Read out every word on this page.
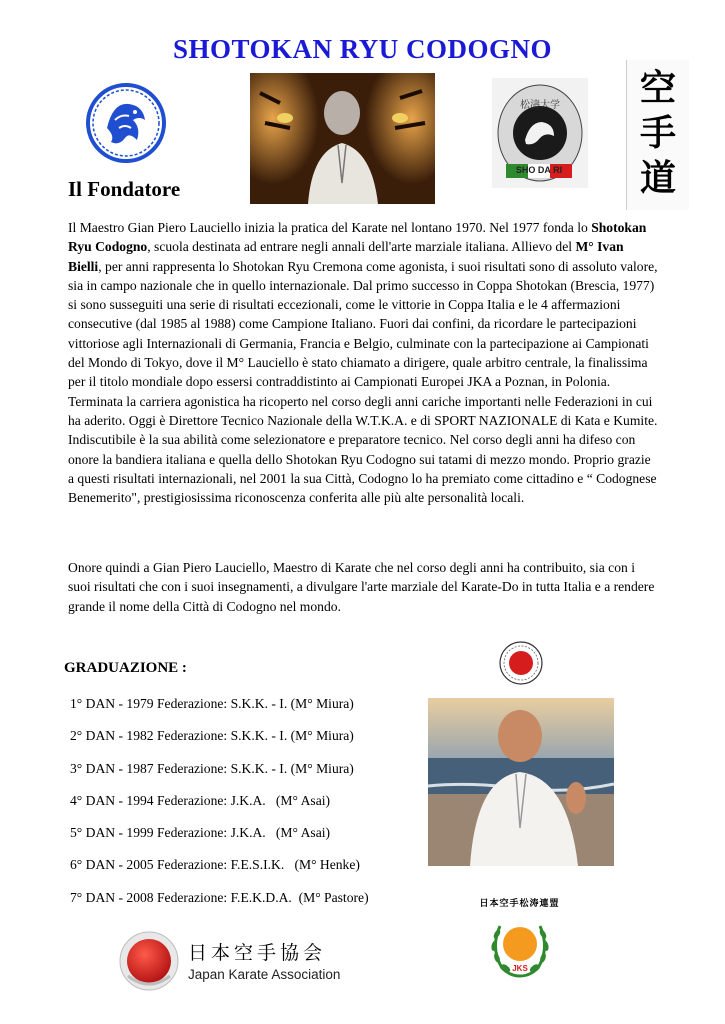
SHOTOKAN RYU CODOGNO
松濤大学
SHO DA RI
空
手
道
Il Fondatore

Il Maestro Gian Piero Lauciello inizia la pratica del Karate nel lontano 1970. Nel 1977 fonda lo Shotokan Ryu Codogno, scuola destinata ad entrare negli annali dell'arte marziale italiana. Allievo del M° Ivan Bielli, per anni rappresenta lo Shotokan Ryu Cremona come agonista, i suoi risultati sono di assoluto valore, sia in campo nazionale che in quello internazionale. Dal primo successo in Coppa Shotokan (Brescia, 1977) si sono susseguiti una serie di risultati eccezionali, come le vittorie in Coppa Italia e le 4 affermazioni consecutive (dal 1985 al 1988) come Campione Italiano. Fuori dai confini, da ricordare le partecipazioni vittoriose agli Internazionali di Germania, Francia e Belgio, culminate con la partecipazione ai Campionati del Mondo di Tokyo, dove il M° Lauciello è stato chiamato a dirigere, quale arbitro centrale, la finalissima per il titolo mondiale dopo essersi contraddistinto ai Campionati Europei JKA a Poznan, in Polonia. Terminata la carriera agonistica ha ricoperto nel corso degli anni cariche importanti nelle Federazioni in cui ha aderito. Oggi è Direttore Tecnico Nazionale della W.T.K.A. e di SPORT NAZIONALE di Kata e Kumite. Indiscutibile è la sua abilità come selezionatore e preparatore tecnico. Nel corso degli anni ha difeso con onore la bandiera italiana e quella dello Shotokan Ryu Codogno sui tatami di mezzo mondo. Proprio grazie a questi risultati internazionali, nel 2001 la sua Città, Codogno lo ha premiato come cittadino e “ Codognese Benemerito", prestigiosissima riconoscenza conferita alle più alte personalità locali.

Onore quindi a Gian Piero Lauciello, Maestro di Karate che nel corso degli anni ha contribuito, sia con i suoi risultati che con i suoi insegnamenti, a divulgare l'arte marziale del Karate-Do in tutta Italia e a rendere grande il nome della Città di Codogno nel mondo.

GRADUAZIONE :
1° DAN - 1979 Federazione: S.K.K. - I. (M° Miura)
2° DAN - 1982 Federazione: S.K.K. - I. (M° Miura)
3° DAN - 1987 Federazione: S.K.K. - I. (M° Miura)
4° DAN - 1994 Federazione: J.K.A.   (M° Asai)
5° DAN - 1999 Federazione: J.K.A.   (M° Asai)
6° DAN - 2005 Federazione: F.E.S.I.K.   (M° Henke)
7° DAN - 2008 Federazione: F.E.K.D.A.  (M° Pastore)
日本空手協会
Japan Karate Association
日本空手松涛連盟
JKS
